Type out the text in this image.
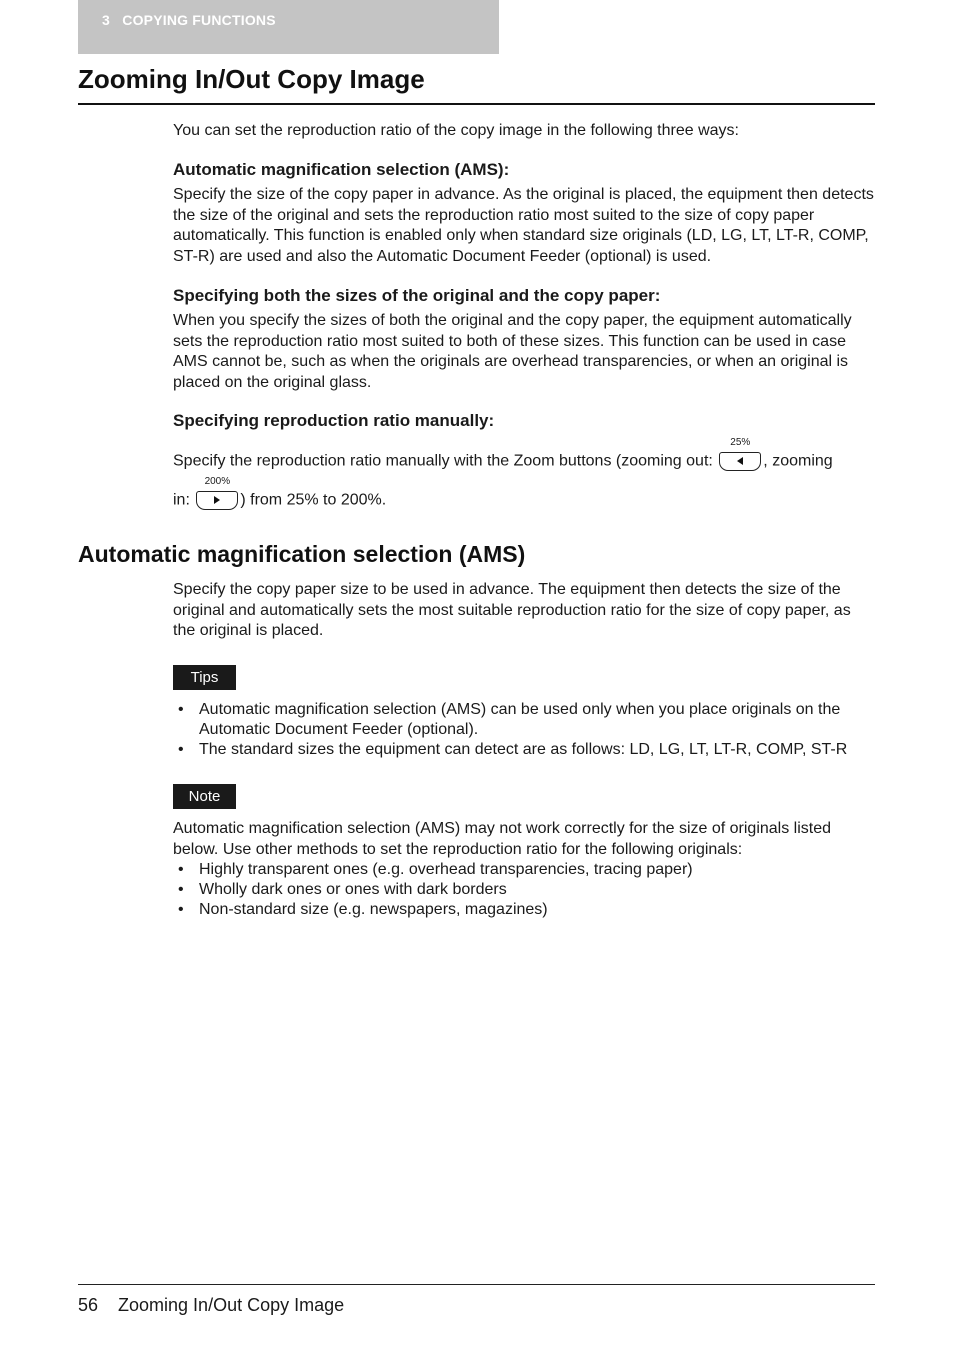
3   COPYING FUNCTIONS
Zooming In/Out Copy Image

You can set the reproduction ratio of the copy image in the following three ways:

Automatic magnification selection (AMS):

Specify the size of the copy paper in advance. As the original is placed, the equipment then detects the size of the original and sets the reproduction ratio most suited to the size of copy paper automatically. This function is enabled only when standard size originals (LD, LG, LT, LT-R, COMP, ST-R) are used and also the Automatic Document Feeder (optional) is used.

Specifying both the sizes of the original and the copy paper:

When you specify the sizes of both the original and the copy paper, the equipment automatically sets the reproduction ratio most suited to both of these sizes. This function can be used in case AMS cannot be, such as when the originals are overhead transparencies, or when an original is placed on the original glass.

Specifying reproduction ratio manually:

Specify the reproduction ratio manually with the Zoom buttons (zooming out:
25%
, zooming

in:
200%
) from 25% to 200%.

Automatic magnification selection (AMS)

Specify the copy paper size to be used in advance. The equipment then detects the size of the original and automatically sets the most suitable reproduction ratio for the size of copy paper, as the original is placed.

Tips
• Automatic magnification selection (AMS) can be used only when you place originals on the Automatic Document Feeder (optional).
• The standard sizes the equipment can detect are as follows: LD, LG, LT, LT-R, COMP, ST-R
Note

Automatic magnification selection (AMS) may not work correctly for the size of originals listed below. Use other methods to set the reproduction ratio for the following originals:

• Highly transparent ones (e.g. overhead transparencies, tracing paper)
• Wholly dark ones or ones with dark borders
• Non-standard size (e.g. newspapers, magazines)

56    Zooming In/Out Copy Image
